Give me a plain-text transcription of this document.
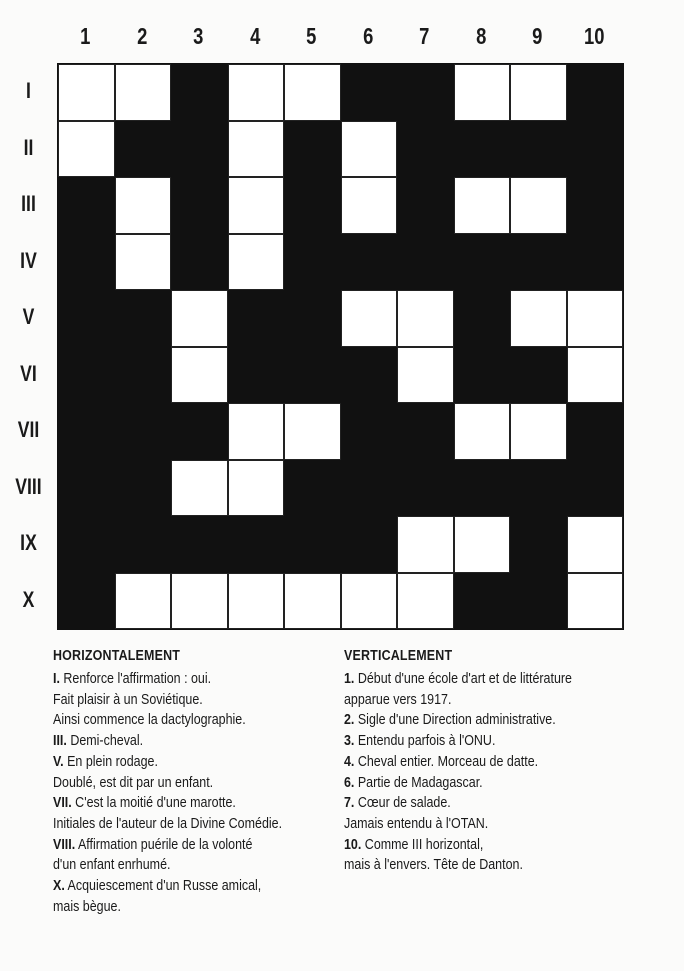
1	2	3	4	5	6	7	8	9	10
I
II
III
IV
V
VI
VII
VIII
IX
X
HORIZONTALEMENT
I. Renforce l'affirmation : oui.
Fait plaisir à un Soviétique.
Ainsi commence la dactylographie.
III. Demi-cheval.
V. En plein rodage.
Doublé, est dit par un enfant.
VII. C'est la moitié d'une marotte.
Initiales de l'auteur de la Divine Comédie.
VIII. Affirmation puérile de la volonté
d'un enfant enrhumé.
X. Acquiescement d'un Russe amical,
mais bègue.
VERTICALEMENT
1. Début d'une école d'art et de littérature
apparue vers 1917.
2. Sigle d'une Direction administrative.
3. Entendu parfois à l'ONU.
4. Cheval entier. Morceau de datte.
6. Partie de Madagascar.
7. Cœur de salade.
Jamais entendu à l'OTAN.
10. Comme III horizontal,
mais à l'envers. Tête de Danton.
